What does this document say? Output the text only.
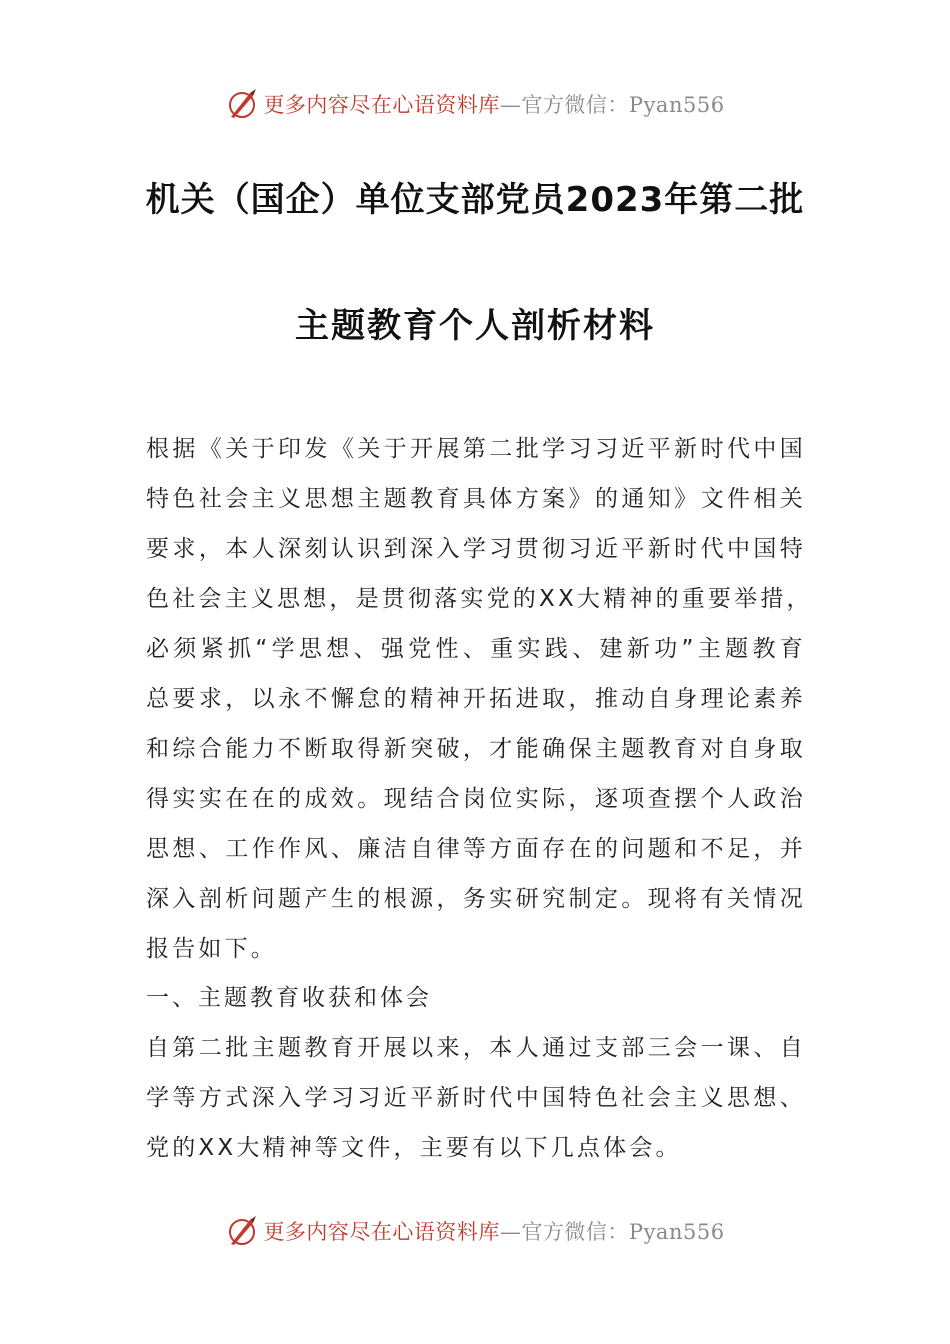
更多内容尽在心语资料库—官方微信：Pyan556
机关（国企）单位支部党员2023年第二批
主题教育个人剖析材料
根据《关于印发《关于开展第二批学习习近平新时代中国
特色社会主义思想主题教育具体方案》的通知》文件相关
要求，本人深刻认识到深入学习贯彻习近平新时代中国特
色社会主义思想，是贯彻落实党的XX大精神的重要举措，
必须紧抓“学思想、强党性、重实践、建新功”主题教育
总要求，以永不懈怠的精神开拓进取，推动自身理论素养
和综合能力不断取得新突破，才能确保主题教育对自身取
得实实在在的成效。现结合岗位实际，逐项查摆个人政治
思想、工作作风、廉洁自律等方面存在的问题和不足，并
深入剖析问题产生的根源，务实研究制定。现将有关情况
报告如下。
一、主题教育收获和体会
自第二批主题教育开展以来，本人通过支部三会一课、自
学等方式深入学习习近平新时代中国特色社会主义思想、
党的XX大精神等文件，主要有以下几点体会。
更多内容尽在心语资料库—官方微信：Pyan556
